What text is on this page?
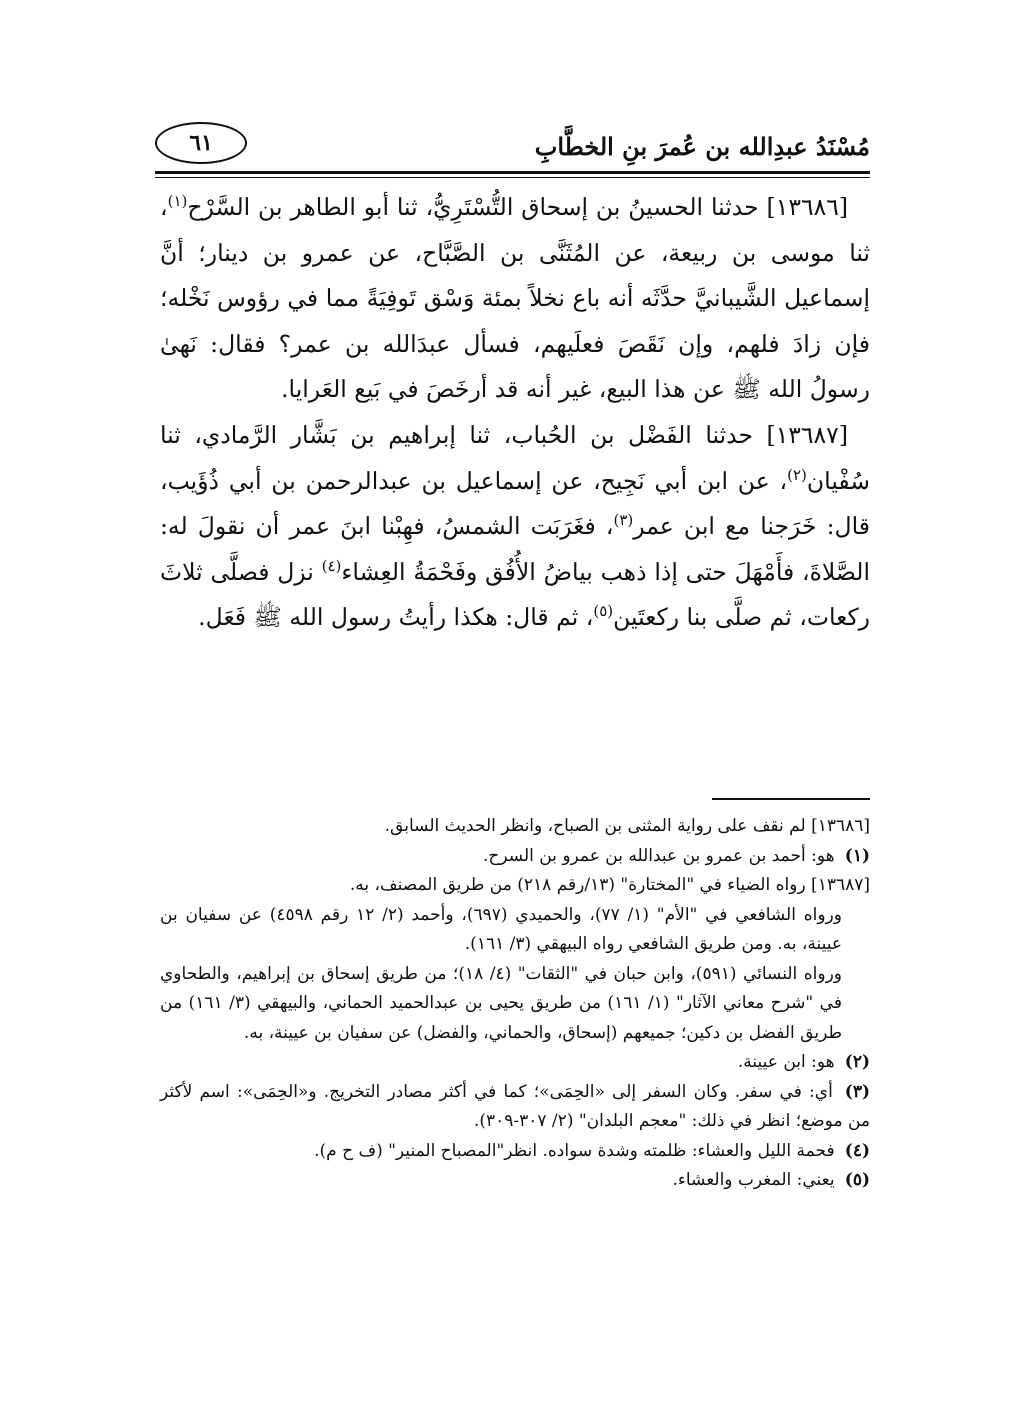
مُسْنَدُ عبدِالله بن عُمرَ بنِ الخطَّابِ
٦١

[١٣٦٨٦] حدثنا الحسينُ بن إسحاق التُّسْتَرِيُّ، ثنا أبو الطاهر بن السَّرْح$^{(١)}$، ثنا موسى بن ربيعة، عن المُثَنَّى بن الصَّبَّاح، عن عمرو بن دينار؛ أنَّ إسماعيل الشَّيبانيَّ حدَّثَه أنه باع نخلاً بمئة وَسْق تَوفِيَةً مما في رؤوس نَخْله؛ فإن زادَ فلهم، وإن نَقَصَ فعلَيهم، فسأل عبدَالله بن عمر؟ فقال: نَهىٰ رسولُ الله ﷺ عن هذا البيع، غير أنه قد أرخَصَ في بَيع العَرايا.

[١٣٦٨٧] حدثنا الفَضْل بن الحُباب، ثنا إبراهيم بن بَشَّار الرَّمادي، ثنا سُفْيان$^{(٢)}$، عن ابن أبي نَجِيح، عن إسماعيل بن عبدالرحمن بن أبي ذُؤَيب، قال: خَرَجنا مع ابن عمر$^{(٣)}$، فغَرَبَت الشمسُ، فهِبْنا ابنَ عمر أن نقولَ له: الصَّلاةَ، فأَمْهَلَ حتى إذا ذهب بياضُ الأُفُق وفَحْمَةُ العِشاء$^{(٤)}$ نزل فصلَّى ثلاثَ ركعات، ثم صلَّى بنا ركعتَين$^{(٥)}$، ثم قال: هكذا رأيتُ رسول الله ﷺ فَعَل.

[١٣٦٨٦] لم نقف على رواية المثنى بن الصباح، وانظر الحديث السابق.

(١) هو: أحمد بن عمرو بن عبدالله بن عمرو بن السرح.

[١٣٦٨٧] رواه الضياء في "المختارة" (١٣/رقم ٢١٨) من طريق المصنف، به.

ورواه الشافعي في "الأم" (١/ ٧٧)، والحميدي (٦٩٧)، وأحمد (٢/ ١٢ رقم ٤٥٩٨) عن سفيان بن عيينة، به. ومن طريق الشافعي رواه البيهقي (٣/ ١٦١).

ورواه النسائي (٥٩١)، وابن حبان في "الثقات" (٤/ ١٨)؛ من طريق إسحاق بن إبراهيم، والطحاوي في "شرح معاني الآثار" (١/ ١٦١) من طريق يحيى بن عبدالحميد الحماني، والبيهقي (٣/ ١٦١) من طريق الفضل بن دكين؛ جميعهم (إسحاق، والحماني، والفضل) عن سفيان بن عيينة، به.

(٢) هو: ابن عيينة.

(٣) أي: في سفر. وكان السفر إلى «الحِمَى»؛ كما في أكثر مصادر التخريج. و«الحِمَى»: اسم لأكثر من موضع؛ انظر في ذلك: "معجم البلدان" (٢/ ٣٠٧-٣٠٩).

(٤) فحمة الليل والعشاء: ظلمته وشدة سواده. انظر"المصباح المنير" (ف ح م).

(٥) يعني: المغرب والعشاء.
